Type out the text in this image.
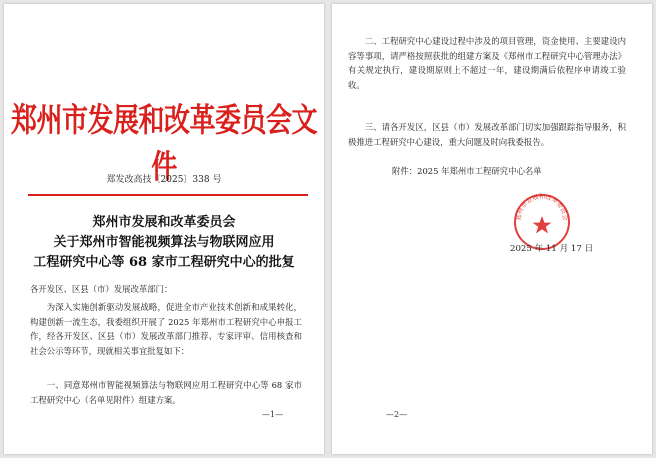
郑州市发展和改革委员会文件
郑发改高技〔2025〕338 号
郑州市发展和改革委员会
关于郑州市智能视频算法与物联网应用
工程研究中心等 68 家市工程研究中心的批复
各开发区、区县（市）发展改革部门：
为深入实施创新驱动发展战略，促进全市产业技术创新和成果转化，构建创新一流生态，我委组织开展了 2025 年郑州市工程研究中心申报工作，经各开发区、区县（市）发展改革部门推荐、专家评审、信用核查和社会公示等环节，现就相关事宜批复如下：
一、同意郑州市智能视频算法与物联网应用工程研究中心等 68 家市工程研究中心（名单见附件）组建方案。
—1—
二、工程研究中心建设过程中涉及的项目管理，资金使用、主要建设内容等事项，请严格按照获批的组建方案及《郑州市工程研究中心管理办法》有关规定执行，建设期原则上不超过一年，建设期满后依程序申请竣工验收。
三、请各开发区，区县（市）发展改革部门切实加强跟踪指导服务，积极推进工程研究中心建设，重大问题及时向我委报告。
附件：2025 年郑州市工程研究中心名单
郑州市发展和改革委员会
2025 年 11 月 17 日
—2—
